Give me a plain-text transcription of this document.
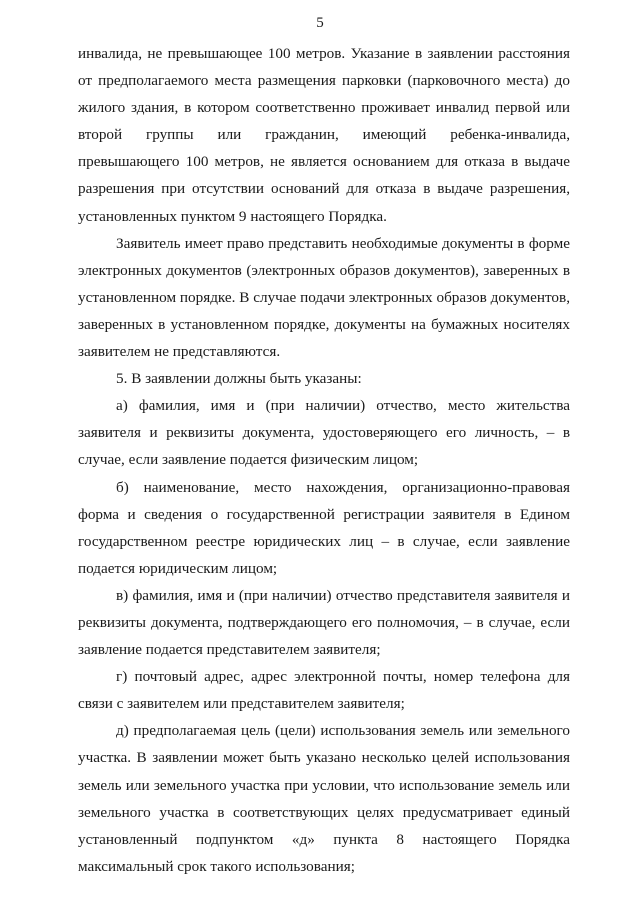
5

инвалида, не превышающее 100 метров. Указание в заявлении расстояния от предполагаемого места размещения парковки (парковочного места) до жилого здания, в котором соответственно проживает инвалид первой или второй группы или гражданин, имеющий ребенка-инвалида, превышающего 100 метров, не является основанием для отказа в выдаче разрешения при отсутствии оснований для отказа в выдаче разрешения, установленных пунктом 9 настоящего Порядка.

Заявитель имеет право представить необходимые документы в форме электронных документов (электронных образов документов), заверенных в установленном порядке. В случае подачи электронных образов документов, заверенных в установленном порядке, документы на бумажных носителях заявителем не представляются.

5. В заявлении должны быть указаны:

а) фамилия, имя и (при наличии) отчество, место жительства заявителя и реквизиты документа, удостоверяющего его личность, – в случае, если заявление подается физическим лицом;

б) наименование, место нахождения, организационно-правовая форма и сведения о государственной регистрации заявителя в Едином государственном реестре юридических лиц – в случае, если заявление подается юридическим лицом;

в) фамилия, имя и (при наличии) отчество представителя заявителя и реквизиты документа, подтверждающего его полномочия, – в случае, если заявление подается представителем заявителя;

г) почтовый адрес, адрес электронной почты, номер телефона для связи с заявителем или представителем заявителя;

д) предполагаемая цель (цели) использования земель или земельного участка. В заявлении может быть указано несколько целей использования земель или земельного участка при условии, что использование земель или земельного участка в соответствующих целях предусматривает единый установленный подпунктом «д» пункта 8 настоящего Порядка максимальный срок такого использования;
